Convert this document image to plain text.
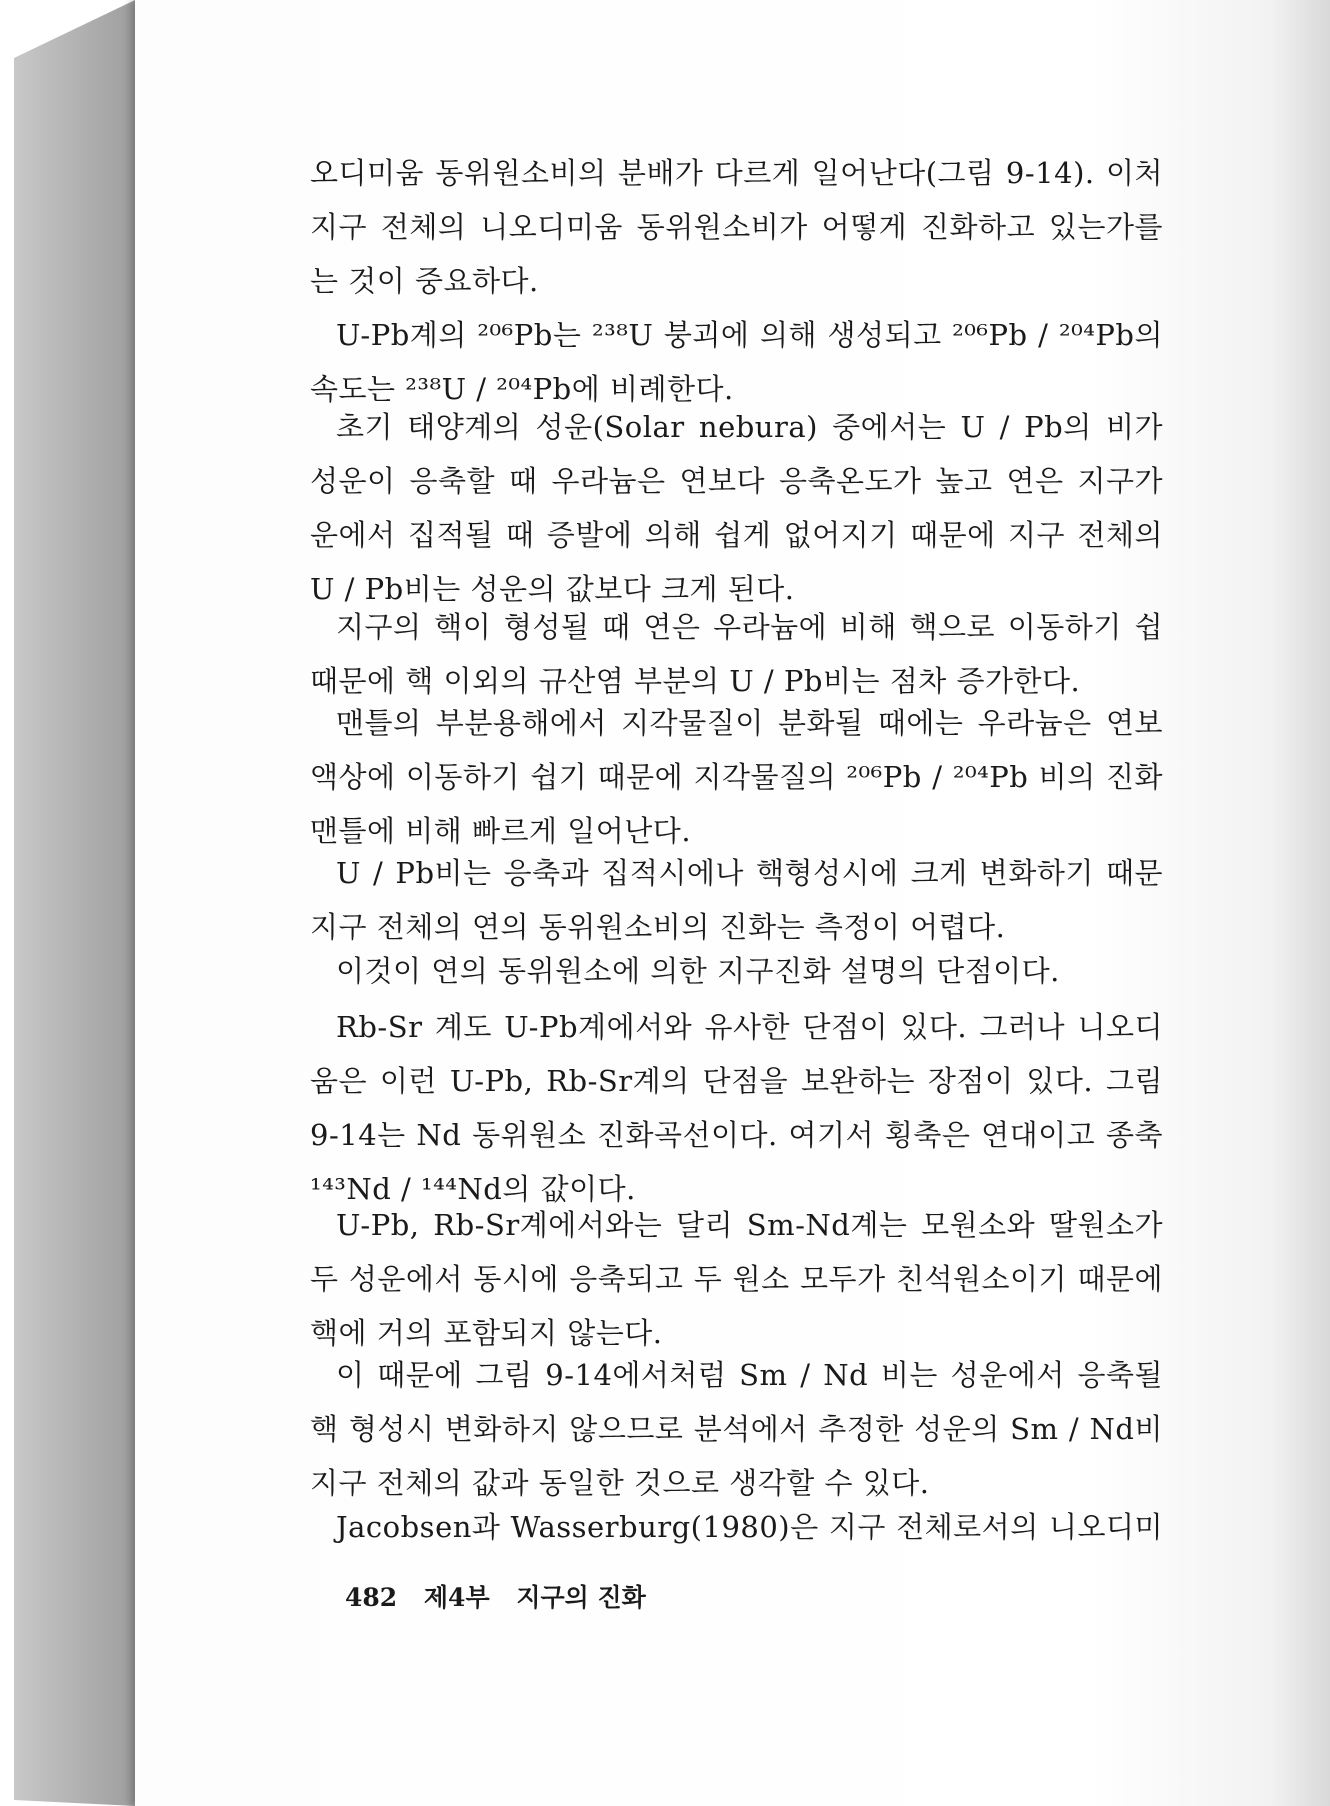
오디미움 동위원소비의 분배가 다르게 일어난다(그림 9-14). 이처
지구 전체의 니오디미움 동위원소비가 어떻게 진화하고 있는가를
는 것이 중요하다.
U-Pb계의 ²⁰⁶Pb는 ²³⁸U 붕괴에 의해 생성되고 ²⁰⁶Pb / ²⁰⁴Pb의
속도는 ²³⁸U / ²⁰⁴Pb에 비례한다.
초기 태양계의 성운(Solar nebura) 중에서는 U / Pb의 비가
성운이 응축할 때 우라늄은 연보다 응축온도가 높고 연은 지구가
운에서 집적될 때 증발에 의해 쉽게 없어지기 때문에 지구 전체의
U / Pb비는 성운의 값보다 크게 된다.
지구의 핵이 형성될 때 연은 우라늄에 비해 핵으로 이동하기 쉽
때문에 핵 이외의 규산염 부분의 U / Pb비는 점차 증가한다.
맨틀의 부분용해에서 지각물질이 분화될 때에는 우라늄은 연보
액상에 이동하기 쉽기 때문에 지각물질의 ²⁰⁶Pb / ²⁰⁴Pb 비의 진화
맨틀에 비해 빠르게 일어난다.
U / Pb비는 응축과 집적시에나 핵형성시에 크게 변화하기 때문
지구 전체의 연의 동위원소비의 진화는 측정이 어렵다.
이것이 연의 동위원소에 의한 지구진화 설명의 단점이다.
Rb-Sr 계도 U-Pb계에서와 유사한 단점이 있다. 그러나 니오디
움은 이런 U-Pb, Rb-Sr계의 단점을 보완하는 장점이 있다. 그림
9-14는 Nd 동위원소 진화곡선이다. 여기서 횡축은 연대이고 종축
¹⁴³Nd / ¹⁴⁴Nd의 값이다.
U-Pb, Rb-Sr계에서와는 달리 Sm-Nd계는 모원소와 딸원소가
두 성운에서 동시에 응축되고 두 원소 모두가 친석원소이기 때문에
핵에 거의 포함되지 않는다.
이 때문에 그림 9-14에서처럼 Sm / Nd 비는 성운에서 응축될
핵 형성시 변화하지 않으므로 분석에서 추정한 성운의 Sm / Nd비
지구 전체의 값과 동일한 것으로 생각할 수 있다.
Jacobsen과 Wasserburg(1980)은 지구 전체로서의 니오디미
482 제4부 지구의 진화
